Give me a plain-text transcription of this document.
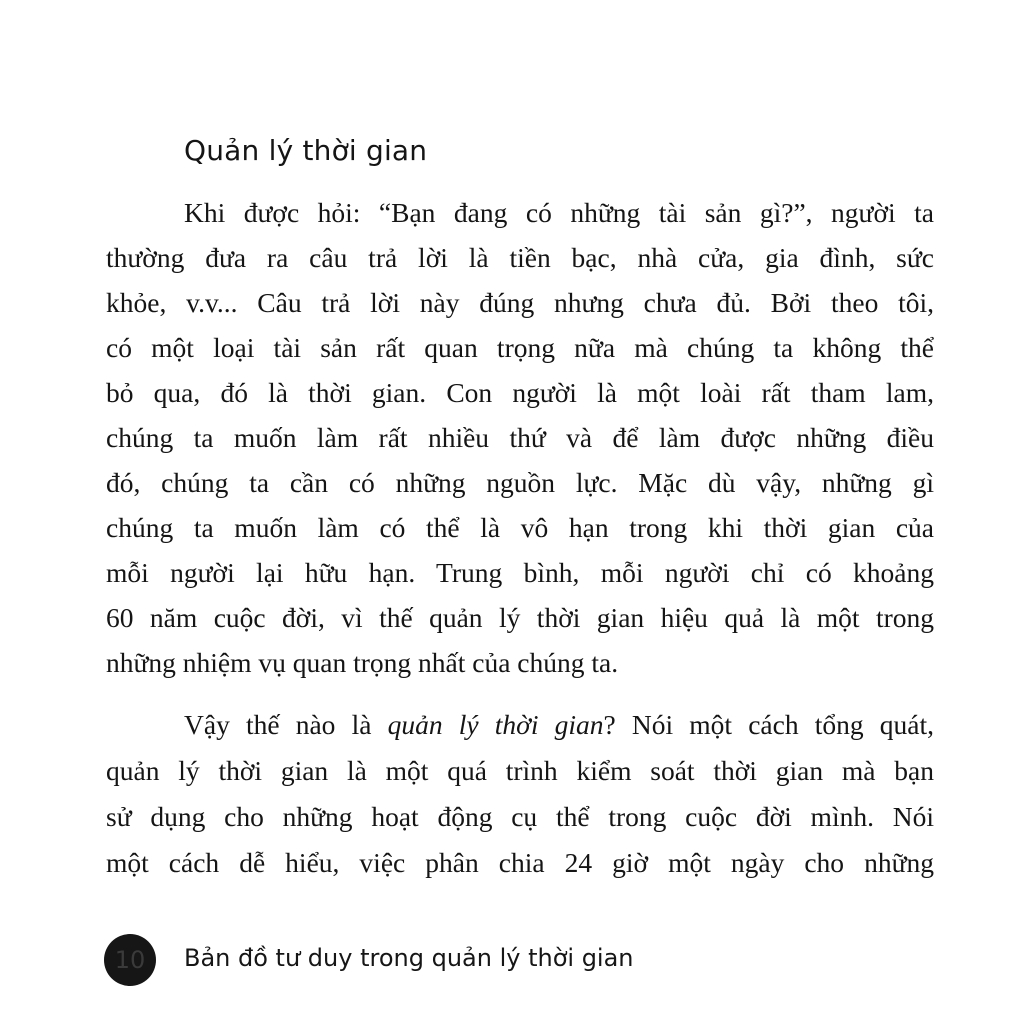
Quản lý thời gian
Khi được hỏi: “Bạn đang có những tài sản gì?”, người ta
thường đưa ra câu trả lời là tiền bạc, nhà cửa, gia đình, sức
khỏe, v.v... Câu trả lời này đúng nhưng chưa đủ. Bởi theo tôi,
có một loại tài sản rất quan trọng nữa mà chúng ta không thể
bỏ qua, đó là thời gian. Con người là một loài rất tham lam,
chúng ta muốn làm rất nhiều thứ và để làm được những điều
đó, chúng ta cần có những nguồn lực. Mặc dù vậy, những gì
chúng ta muốn làm có thể là vô hạn trong khi thời gian của
mỗi người lại hữu hạn. Trung bình, mỗi người chỉ có khoảng
60 năm cuộc đời, vì thế quản lý thời gian hiệu quả là một trong
những nhiệm vụ quan trọng nhất của chúng ta.
Vậy thế nào là quản lý thời gian? Nói một cách tổng quát,
quản lý thời gian là một quá trình kiểm soát thời gian mà bạn
sử dụng cho những hoạt động cụ thể trong cuộc đời mình. Nói
một cách dễ hiểu, việc phân chia 24 giờ một ngày cho những
10	Bản đồ tư duy trong quản lý thời gian
